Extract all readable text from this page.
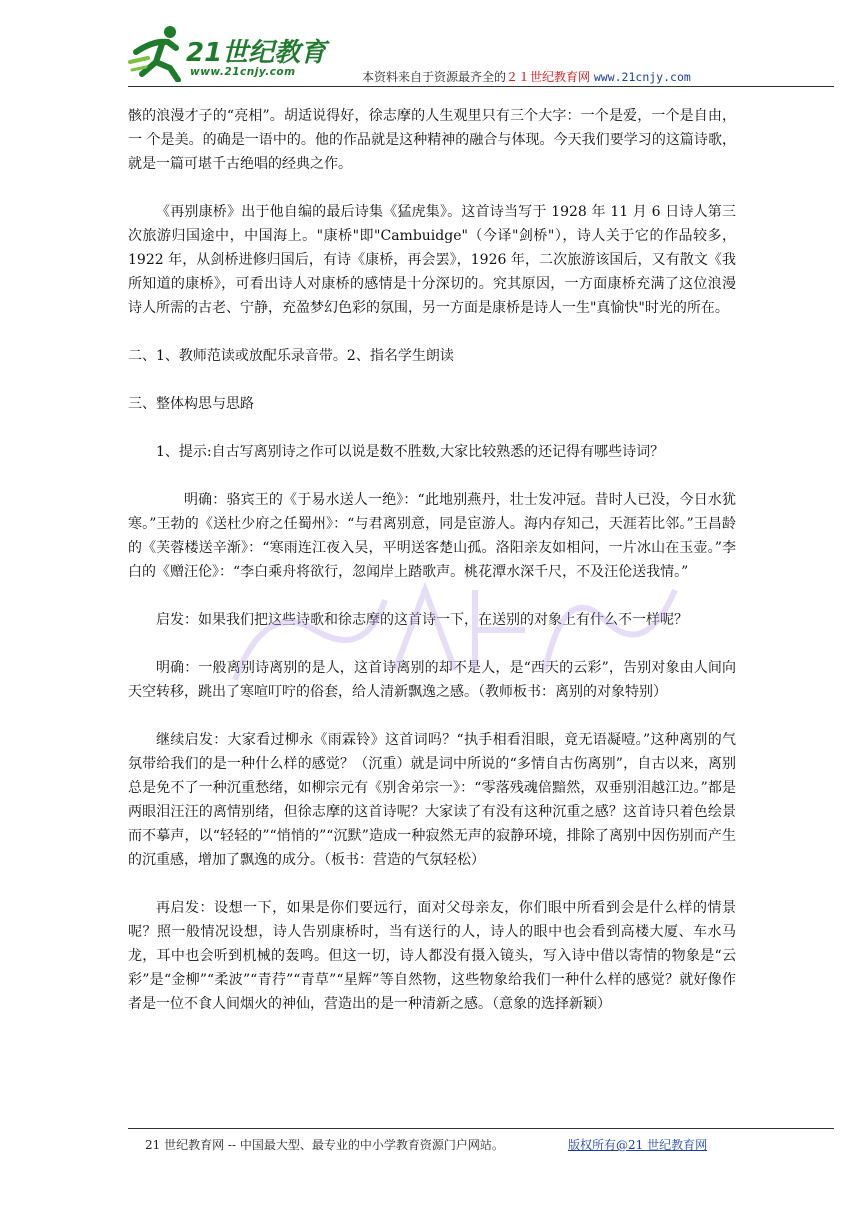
21世纪教育
www.21cnjy.com	本资料来自于资源最齐全的２１世纪教育网 www.21cnjy.com

骸的浪漫才子的“亮相”。胡适说得好，徐志摩的人生观里只有三个大字：一个是爱，一个是自由，一 个是美。的确是一语中的。他的作品就是这种精神的融合与体现。今天我们要学习的这篇诗歌，就是一篇可堪千古绝唱的经典之作。

《再别康桥》出于他自编的最后诗集《猛虎集》。这首诗当写于 1928 年 11 月 6 日诗人第三次旅游归国途中，中国海上。"康桥"即"Cambuidge"（今译"剑桥"），诗人关于它的作品较多，1922 年，从剑桥进修归国后，有诗《康桥，再会罢》，1926 年，二次旅游该国后，又有散文《我所知道的康桥》，可看出诗人对康桥的感情是十分深切的。究其原因，一方面康桥充满了这位浪漫诗人所需的古老、宁静，充盈梦幻色彩的氛围，另一方面是康桥是诗人一生"真愉快"时光的所在。

二、1、教师范读或放配乐录音带。2、指名学生朗读

三、整体构思与思路

1、提示:自古写离别诗之作可以说是数不胜数,大家比较熟悉的还记得有哪些诗词？

明确：骆宾王的《于易水送人一绝》：“此地别燕丹，壮士发冲冠。昔时人已没，今日水犹寒。”王勃的《送杜少府之任蜀州》：“与君离别意，同是宦游人。海内存知己，天涯若比邻。”王昌龄的《芙蓉楼送辛渐》：“寒雨连江夜入吴，平明送客楚山孤。洛阳亲友如相问，一片冰山在玉壶。”李白的《赠汪伦》：“李白乘舟将欲行，忽闻岸上踏歌声。桃花潭水深千尺，不及汪伦送我情。”

启发：如果我们把这些诗歌和徐志摩的这首诗一下，在送别的对象上有什么不一样呢？

明确：一般离别诗离别的是人，这首诗离别的却不是人，是“西天的云彩”，告别对象由人间向天空转移，跳出了寒喧叮咛的俗套，给人清新飘逸之感。（教师板书：离别的对象特别）

继续启发：大家看过柳永《雨霖铃》这首词吗？“执手相看泪眼，竟无语凝噎。”这种离别的气氛带给我们的是一种什么样的感觉？（沉重）就是词中所说的“多情自古伤离别”，自古以来，离别总是免不了一种沉重愁绪，如柳宗元有《别舍弟宗一》：“零落残魂倍黯然，双垂别泪越江边。”都是两眼泪汪汪的离情别绪，但徐志摩的这首诗呢？大家读了有没有这种沉重之感？这首诗只着色绘景而不摹声，以“轻轻的”“悄悄的”“沉默”造成一种寂然无声的寂静环境，排除了离别中因伤别而产生的沉重感，增加了飘逸的成分。（板书：营造的气氛轻松）

再启发：设想一下，如果是你们要远行，面对父母亲友，你们眼中所看到会是什么样的情景呢？照一般情况设想，诗人告别康桥时，当有送行的人，诗人的眼中也会看到高楼大厦、车水马龙，耳中也会听到机械的轰鸣。但这一切，诗人都没有摄入镜头，写入诗中借以寄情的物象是“云彩”是“金柳”“柔波”“青荇”“青草”“星辉”等自然物，这些物象给我们一种什么样的感觉？就好像作者是一位不食人间烟火的神仙，营造出的是一种清新之感。（意象的选择新颖）

21 世纪教育网 -- 中国最大型、最专业的中小学教育资源门户网站。	版权所有@21 世纪教育网
